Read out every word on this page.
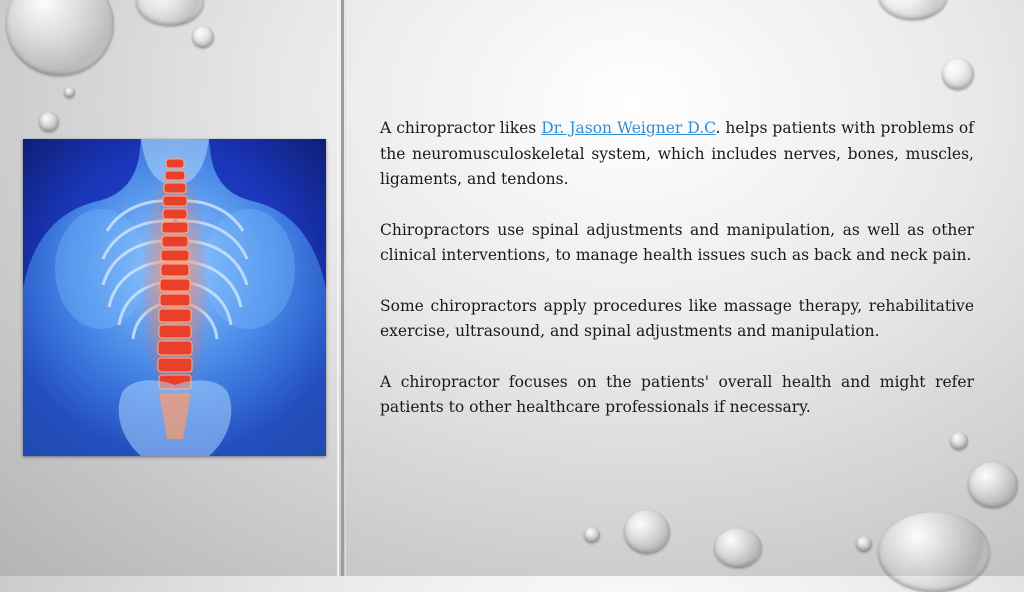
A chiropractor likes Dr. Jason Weigner D.C. helps patients with problems of the neuromusculoskeletal system, which includes nerves, bones, muscles, ligaments, and tendons.

Chiropractors use spinal adjustments and manipulation, as well as other clinical interventions, to manage health issues such as back and neck pain.

Some chiropractors apply procedures like massage therapy, rehabilitative exercise, ultrasound, and spinal adjustments and manipulation.

A chiropractor focuses on the patients' overall health and might refer patients to other healthcare professionals if necessary.
